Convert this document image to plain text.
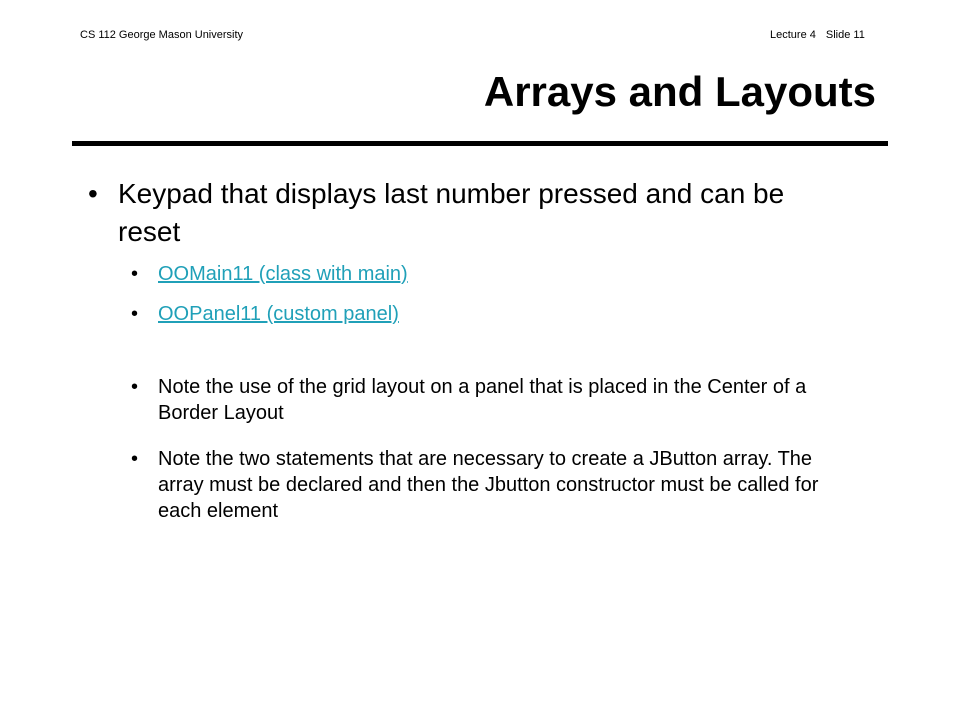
CS 112 George Mason University	Lecture 4 Slide 11
Arrays and Layouts
• Keypad that displays last number pressed and can be reset
• OOMain11 (class with main)
• OOPanel11 (custom panel)
• Note the use of the grid layout on a panel that is placed in the Center of a Border Layout
• Note the two statements that are necessary to create a JButton array. The array must be declared and then the Jbutton constructor must be called for each element
